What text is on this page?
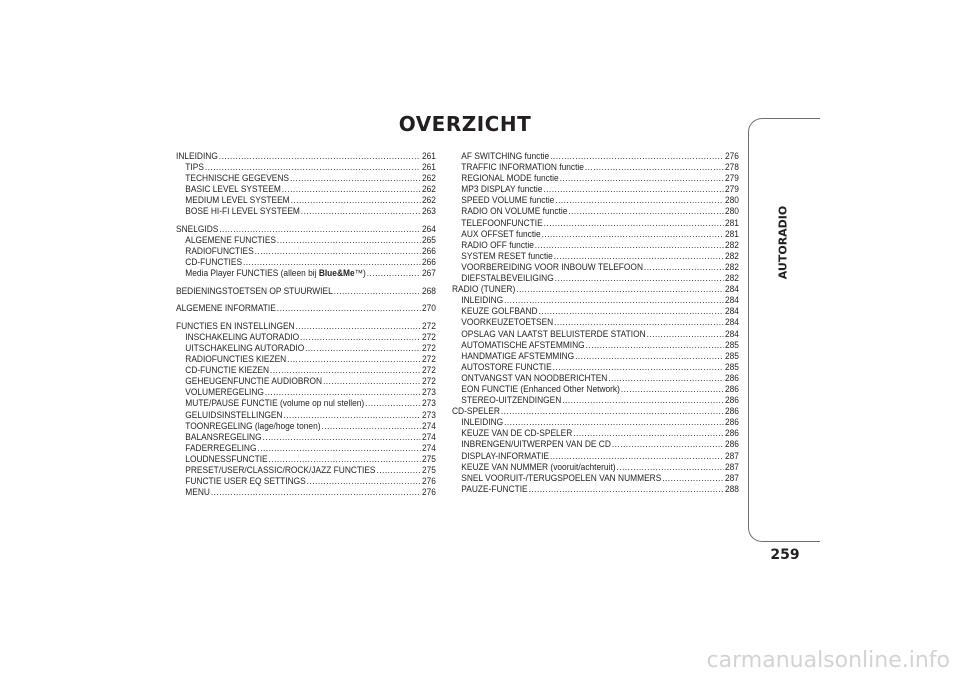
OVERZICHT
INLEIDING .....	261
TIPS .....	261
TECHNISCHE GEGEVENS .....	262
BASIC LEVEL SYSTEEM .....	262
MEDIUM LEVEL SYSTEEM .....	262
BOSE HI-FI LEVEL SYSTEEM .....	263
SNELGIDS .....	264
ALGEMENE FUNCTIES .....	265
RADIOFUNCTIES .....	266
CD-FUNCTIES .....	266
Media Player FUNCTIES (alleen bij Blue&Me™) .....	267
BEDIENINGSTOETSEN OP STUURWIEL .....	268
ALGEMENE INFORMATIE .....	270
FUNCTIES EN INSTELLINGEN .....	272
INSCHAKELING AUTORADIO .....	272
UITSCHAKELING AUTORADIO .....	272
RADIOFUNCTIES KIEZEN .....	272
CD-FUNCTIE KIEZEN .....	272
GEHEUGENFUNCTIE AUDIOBRON .....	272
VOLUMEREGELING .....	273
MUTE/PAUSE FUNCTIE (volume op nul stellen) .....	273
GELUIDSINSTELLINGEN .....	273
TOONREGELING (lage/hoge tonen) .....	274
BALANSREGELING .....	274
FADERREGELING .....	274
LOUDNESSFUNCTIE .....	275
PRESET/USER/CLASSIC/ROCK/JAZZ FUNCTIES .....	275
FUNCTIE USER EQ SETTINGS .....	276
MENU .....	276
AF SWITCHING functie .....	276
TRAFFIC INFORMATION functie .....	278
REGIONAL MODE functie .....	279
MP3 DISPLAY functie .....	279
SPEED VOLUME functie .....	280
RADIO ON VOLUME functie .....	280
TELEFOONFUNCTIE .....	281
AUX OFFSET functie .....	281
RADIO OFF functie .....	282
SYSTEM RESET functie .....	282
VOORBEREIDING VOOR INBOUW TELEFOON .....	282
DIEFSTALBEVEILIGING .....	282
RADIO (TUNER) .....	284
INLEIDING .....	284
KEUZE GOLFBAND .....	284
VOORKEUZETOETSEN .....	284
OPSLAG VAN LAATST BELUISTERDE STATION .....	284
AUTOMATISCHE AFSTEMMING .....	285
HANDMATIGE AFSTEMMING .....	285
AUTOSTORE FUNCTIE .....	285
ONTVANGST VAN NOODBERICHTEN .....	286
EON FUNCTIE (Enhanced Other Network) .....	286
STEREO-UITZENDINGEN .....	286
CD-SPELER .....	286
INLEIDING .....	286
KEUZE VAN DE CD-SPELER .....	286
INBRENGEN/UITWERPEN VAN DE CD .....	286
DISPLAY-INFORMATIE .....	287
KEUZE VAN NUMMER (vooruit/achteruit) .....	287
SNEL VOORUIT-/TERUGSPOELEN VAN NUMMERS .....	287
PAUZE-FUNCTIE .....	288
AUTORADIO
259
carmanualsonline.info
